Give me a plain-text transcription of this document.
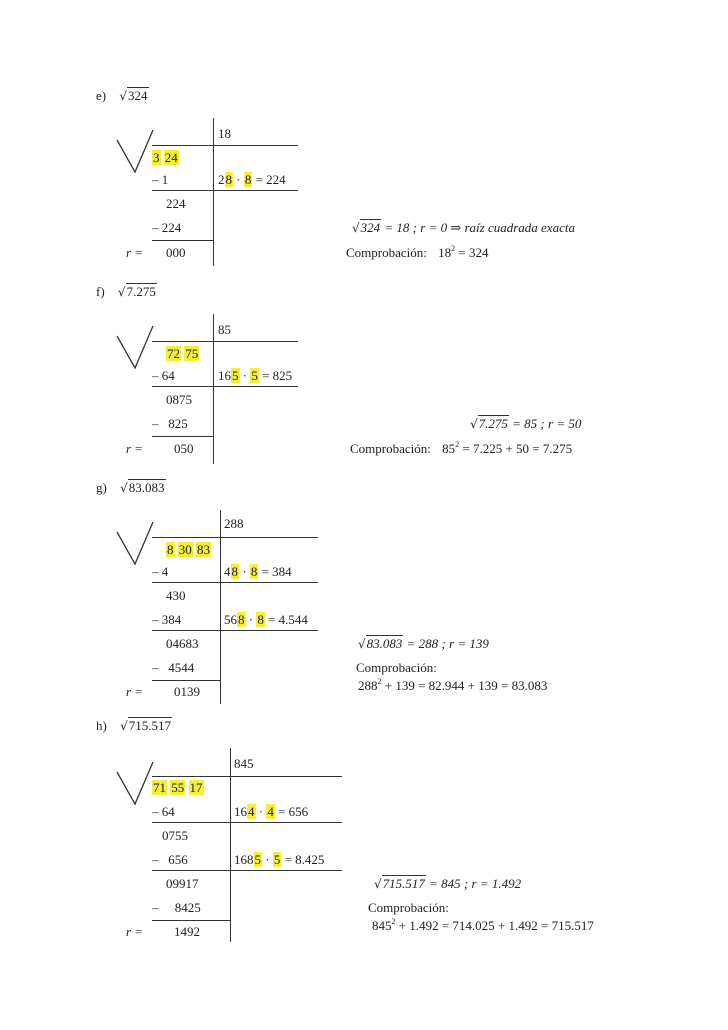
e) √324
18
3 24
– 1	28 · 8 = 224
224
– 224
r = 000
√324 = 18 ; r = 0 ⇒ raíz cuadrada exacta
Comprobación: $18^2 = 324$
f) √7.275
85
72 75
– 64	165 · 5 = 825
0875
–   825
r = 050
√7.275 = 85 ; r = 50
Comprobación: $85^2 = 7.225 + 50 = 7.275$
g) √83.083
288
8 30 83
– 4	48 · 8 = 384
430
– 384	568 · 8 = 4.544
04683
–   4544
r = 0139
√83.083 = 288 ; r = 139
Comprobación:
$288^2 + 139 = 82.944 + 139 = 83.083$
h) √715.517
845
71 55 17
– 64	164 · 4 = 656
0755
–   656	1685 · 5 = 8.425
09917
–     8425
r = 1492
√715.517 = 845 ; r = 1.492
Comprobación:
$845^2 + 1.492 = 714.025 + 1.492 = 715.517$
